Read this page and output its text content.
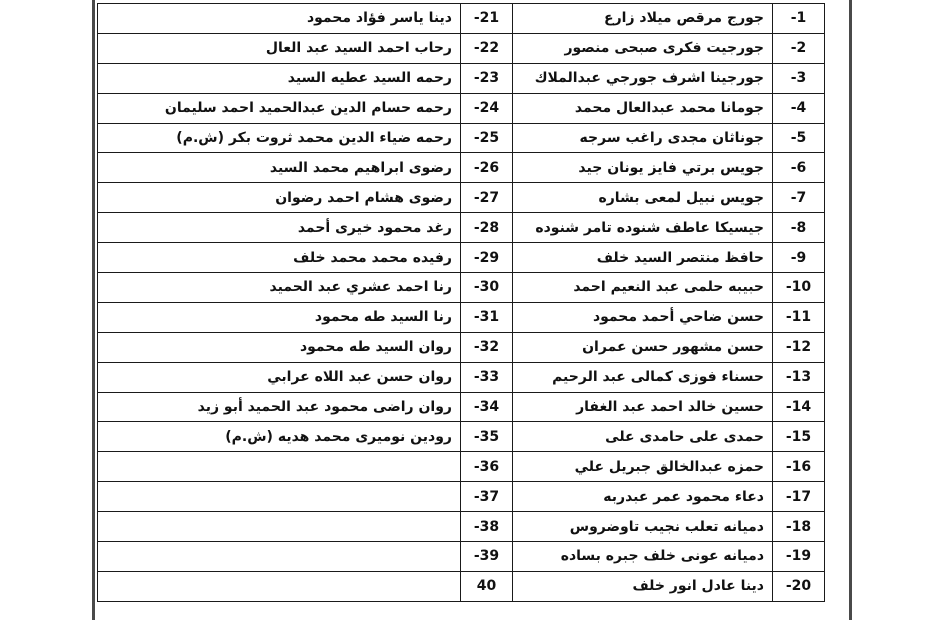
-1	جورج مرقص ميلاد زارع	-21	دينا ياسر فؤاد محمود
-2	جورجيت فكرى صبحى منصور	-22	رحاب احمد السيد عبد العال
-3	جورجينا اشرف جورجي عبدالملاك	-23	رحمه السيد عطيه السيد
-4	جومانا محمد عبدالعال محمد	-24	رحمه حسام الدين عبدالحميد احمد سليمان
-5	جوناثان مجدى راغب سرجه	-25	رحمه ضياء الدين محمد ثروت بكر (ش.م)
-6	جويس برتي فايز يونان جيد	-26	رضوى ابراهيم محمد السيد
-7	جويس نبيل لمعى بشاره	-27	رضوى هشام احمد رضوان
-8	جيسيكا عاطف شنوده تامر شنوده	-28	رغد محمود خيرى أحمد
-9	حافظ منتصر السيد خلف	-29	رفيده محمد محمد خلف
-10	حبيبه حلمى عبد النعيم احمد	-30	رنا احمد عشري عبد الحميد
-11	حسن ضاحي أحمد محمود	-31	رنا السيد طه محمود
-12	حسن مشهور حسن عمران	-32	روان السيد طه محمود
-13	حسناء فوزى كمالى عبد الرحيم	-33	روان حسن عبد اللاه عرابي
-14	حسين خالد احمد عبد الغفار	-34	روان راضى محمود عبد الحميد أبو زيد
-15	حمدى على حامدى على	-35	رودين نوميرى محمد هديه (ش.م)
-16	حمزه عبدالخالق جبريل علي	-36	
-17	دعاء محمود عمر عبدربه	-37	
-18	دميانه تعلب نجيب تاوضروس	-38	
-19	دميانه عونى خلف جبره بساده	-39	
-20	دينا عادل انور خلف	40	
